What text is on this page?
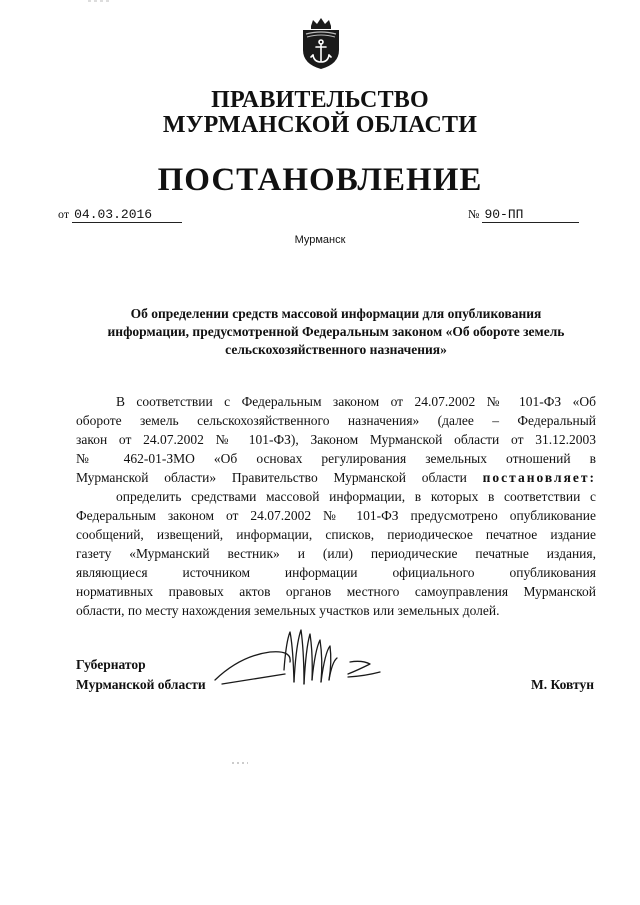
ПРАВИТЕЛЬСТВО
МУРМАНСКОЙ ОБЛАСТИ
ПОСТАНОВЛЕНИЕ
от 04.03.2016	№ 90-ПП
Мурманск
Об определении средств массовой информации для опубликования
информации, предусмотренной Федеральным законом «Об обороте земель
сельскохозяйственного назначения»
В соответствии с Федеральным законом от 24.07.2002 № 101-ФЗ «Об
обороте земель сельскохозяйственного назначения» (далее – Федеральный
закон от 24.07.2002 № 101-ФЗ), Законом Мурманской области от 31.12.2003
№ 462-01-ЗМО «Об основах регулирования земельных отношений в
Мурманской области» Правительство Мурманской области постановляет:
определить средствами массовой информации, в которых в соответствии с
Федеральным законом от 24.07.2002 № 101-ФЗ предусмотрено опубликование
сообщений, извещений, информации, списков, периодическое печатное издание
газету «Мурманский вестник» и (или) периодические печатные издания,
являющиеся источником информации официального опубликования
нормативных правовых актов органов местного самоуправления Мурманской
области, по месту нахождения земельных участков или земельных долей.
Губернатор
Мурманской области	М. Ковтун
